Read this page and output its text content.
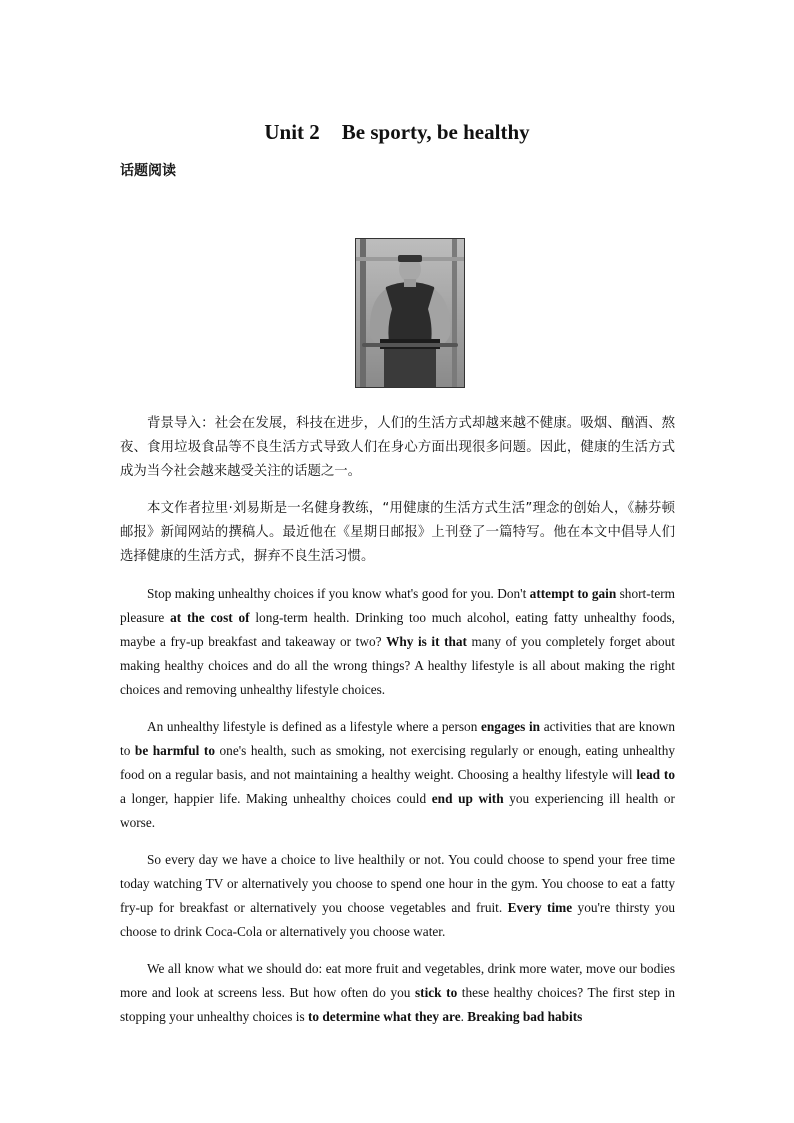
Unit 2 Be sporty, be healthy
话题阅读

背景导入：社会在发展，科技在进步，人们的生活方式却越来越不健康。吸烟、酗酒、熬夜、食用垃圾食品等不良生活方式导致人们在身心方面出现很多问题。因此，健康的生活方式成为当今社会越来越受关注的话题之一。

本文作者拉里·刘易斯是一名健身教练，“用健康的生活方式生活”理念的创始人，《赫芬顿邮报》新闻网站的撰稿人。最近他在《星期日邮报》上刊登了一篇特写。他在本文中倡导人们选择健康的生活方式，摒弃不良生活习惯。

Stop making unhealthy choices if you know what's good for you. Don't attempt to gain short-term pleasure at the cost of long-term health. Drinking too much alcohol, eating fatty unhealthy foods, maybe a fry-up breakfast and takeaway or two? Why is it that many of you completely forget about making healthy choices and do all the wrong things? A healthy lifestyle is all about making the right choices and removing unhealthy lifestyle choices.

An unhealthy lifestyle is defined as a lifestyle where a person engages in activities that are known to be harmful to one's health, such as smoking, not exercising regularly or enough, eating unhealthy food on a regular basis, and not maintaining a healthy weight. Choosing a healthy lifestyle will lead to a longer, happier life. Making unhealthy choices could end up with you experiencing ill health or worse.

So every day we have a choice to live healthily or not. You could choose to spend your free time today watching TV or alternatively you choose to spend one hour in the gym. You choose to eat a fatty fry-up for breakfast or alternatively you choose vegetables and fruit. Every time you're thirsty you choose to drink Coca-Cola or alternatively you choose water.

We all know what we should do: eat more fruit and vegetables, drink more water, move our bodies more and look at screens less. But how often do you stick to these healthy choices? The first step in stopping your unhealthy choices is to determine what they are. Breaking bad habits
